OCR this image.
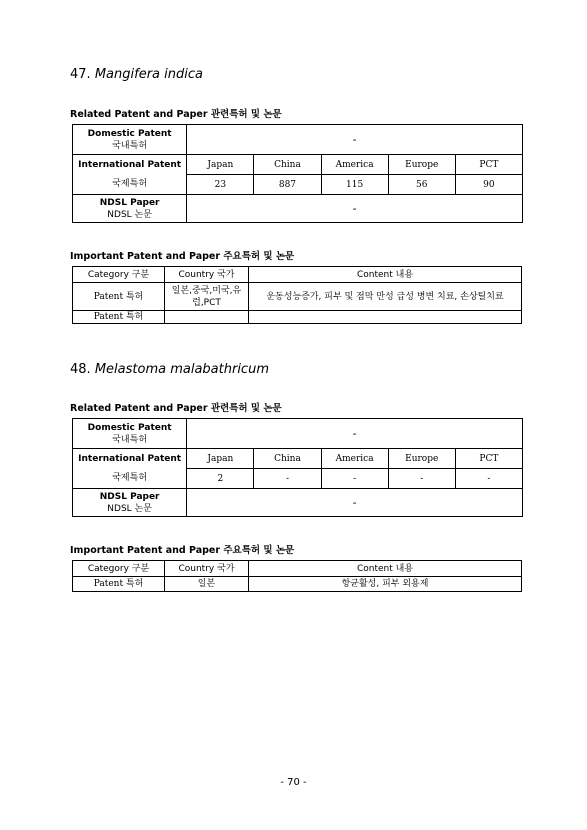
47. Mangifera indica
Related Patent and Paper 관련특허 및 논문
Domestic Patent
국내특허	-				
International Patent
국제특허	Japan	China	America	Europe	PCT
	23	887	115	56	90
NDSL Paper
NDSL 논문	-				
Important Patent and Paper 주요특허 및 논문
Category 구분	Country 국가	Content 내용
Patent 특허	일본,중국,미국,유럽,PCT	운동성능증가, 피부 및 점막 만성 급성 병변 치료, 손상틸치료
Patent 특허		
48. Melastoma malabathricum
Related Patent and Paper 관련특허 및 논문
Domestic Patent
국내특허	-				
International Patent
국제특허	Japan	China	America	Europe	PCT
	2	-	-	-	-
NDSL Paper
NDSL 논문	-				
Important Patent and Paper 주요특허 및 논문
Category 구분	Country 국가	Content 내용
Patent 특허	일본	항균활성, 피부 외용제
- 70 -
